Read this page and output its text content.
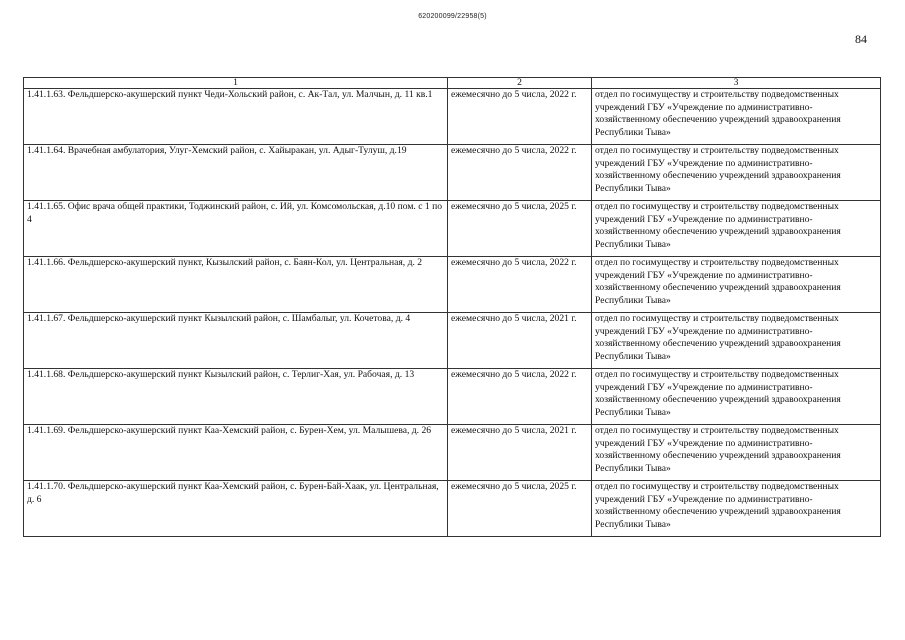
620200099/22958(5)
84
1	2	3
1.41.1.63. Фельдшерско-акушерский пункт Чеди-Хольский район, с. Ак-Тал, ул. Малчын, д. 11 кв.1	ежемесячно до 5 числа, 2022 г.	отдел по госимуществу и строительству подведомственных учреждений ГБУ «Учреждение по административно-хозяйственному обеспечению учреждений здравоохранения Республики Тыва»
1.41.1.64. Врачебная амбулатория, Улуг-Хемский район, с. Хайыракан, ул. Адыг-Тулуш, д.19	ежемесячно до 5 числа, 2022 г.	отдел по госимуществу и строительству подведомственных учреждений ГБУ «Учреждение по административно-хозяйственному обеспечению учреждений здравоохранения Республики Тыва»
1.41.1.65. Офис врача общей практики, Тоджинский район, с. Ий, ул. Комсомольская, д.10 пом. с 1 по 4	ежемесячно до 5 числа, 2025 г.	отдел по госимуществу и строительству подведомственных учреждений ГБУ «Учреждение по административно-хозяйственному обеспечению учреждений здравоохранения Республики Тыва»
1.41.1.66. Фельдшерско-акушерский пункт, Кызылский район, с. Баян-Кол, ул. Центральная, д. 2	ежемесячно до 5 числа, 2022 г.	отдел по госимуществу и строительству подведомственных учреждений ГБУ «Учреждение по административно-хозяйственному обеспечению учреждений здравоохранения Республики Тыва»
1.41.1.67. Фельдшерско-акушерский пункт Кызылский район, с. Шамбалыг, ул. Кочетова, д. 4	ежемесячно до 5 числа, 2021 г.	отдел по госимуществу и строительству подведомственных учреждений ГБУ «Учреждение по административно-хозяйственному обеспечению учреждений здравоохранения Республики Тыва»
1.41.1.68. Фельдшерско-акушерский пункт Кызылский район, с. Терлиг-Хая, ул. Рабочая, д. 13	ежемесячно до 5 числа, 2022 г.	отдел по госимуществу и строительству подведомственных учреждений ГБУ «Учреждение по административно-хозяйственному обеспечению учреждений здравоохранения Республики Тыва»
1.41.1.69. Фельдшерско-акушерский пункт Каа-Хемский район, с. Бурен-Хем, ул. Малышева, д. 26	ежемесячно до 5 числа, 2021 г.	отдел по госимуществу и строительству подведомственных учреждений ГБУ «Учреждение по административно-хозяйственному обеспечению учреждений здравоохранения Республики Тыва»
1.41.1.70. Фельдшерско-акушерский пункт Каа-Хемский район, с. Бурен-Бай-Хаак, ул. Центральная, д. 6	ежемесячно до 5 числа, 2025 г.	отдел по госимуществу и строительству подведомственных учреждений ГБУ «Учреждение по административно-хозяйственному обеспечению учреждений здравоохранения Республики Тыва»
